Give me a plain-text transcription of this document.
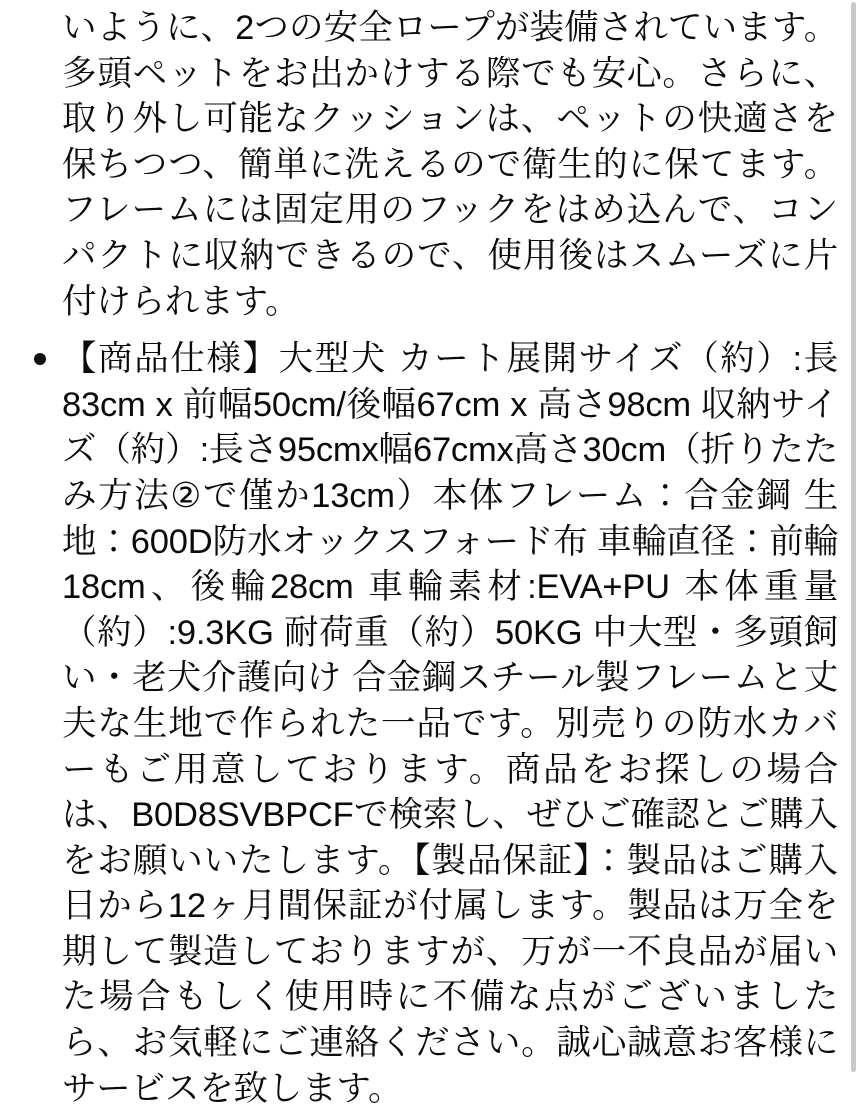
いように、2つの安全ロープが装備されています。多頭ペットをお出かけする際でも安心。さらに、取り外し可能なクッションは、ペットの快適さを保ちつつ、簡単に洗えるので衛生的に保てます。フレームには固定用のフックをはめ込んで、コンパクトに収納できるので、使用後はスムーズに片付けられます。

【商品仕様】大型犬 カート展開サイズ（約）:長83cm x 前幅50cm/後幅67cm x 高さ98cm 収納サイズ（約）:長さ95cmx幅67cmx高さ30cm（折りたたみ方法②で僅か13cm）本体フレーム：合金鋼 生地：600D防水オックスフォード布 車輪直径：前輪18cm、後輪28cm 車輪素材:EVA+PU 本体重量（約）:9.3KG 耐荷重（約）50KG 中大型・多頭飼い・老犬介護向け 合金鋼スチール製フレームと丈夫な生地で作られた一品です。別売りの防水カバーもご用意しております。商品をお探しの場合は、B0D8SVBPCFで検索し、ぜひご確認とご購入をお願いいたします。【製品保証】：製品はご購入日から12ヶ月間保証が付属します。製品は万全を期して製造しておりますが、万が一不良品が届いた場合もしく使用時に不備な点がございましたら、お気軽にご連絡ください。誠心誠意お客様にサービスを致します。
